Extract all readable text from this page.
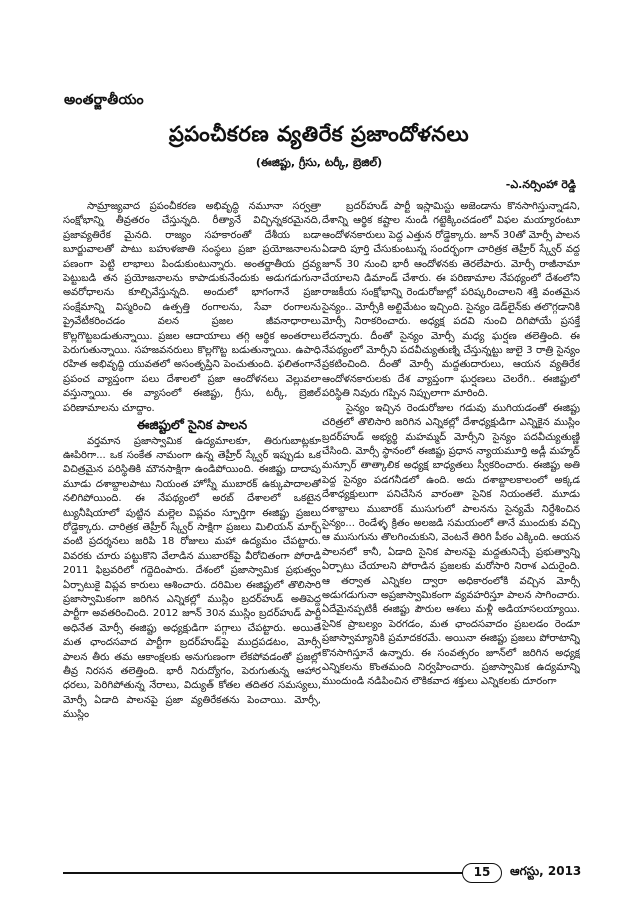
అంతర్జాతీయం
ప్రపంచీకరణ వ్యతిరేక ప్రజాందోళనలు
(ఈజిప్టు, గ్రీసు, టర్కీ, బ్రెజిల్)
-ఎ.నర్సింహా రెడ్డి

సామ్రాజ్యవాద ప్రపంచీకరణ అభివృద్ధి నమూనా సర్వత్రా సంక్షోభాన్ని తీవ్రతరం చేస్తున్నది. రీత్యానే విచ్ఛిన్నకరమైనది, ప్రజావ్యతిరేక మైనది. రాజ్యం సహకారంతో దేశీయ బడా బూర్జువాలతో పాటు బహుళజాతి సంస్థలు ప్రజా ప్రయోజనాలను పణంగా పెట్టి లాభాలు పిండుకుంటున్నారు. అంతర్జాతీయ ద్రవ్య పెట్టుబడి తన ప్రయోజనాలను కాపాడుకునేందుకు అడుగడుగునా అవరోధాలను కూల్చివేస్తున్నది. అందులో భాగంగానే ప్రజా సంక్షేమాన్ని విస్మరించి ఉత్పత్తి రంగాలను, సేవా రంగాలను ప్రైవేటీకరించడం వలన ప్రజల జీవనాధారాలు కొల్లగొట్టబడుతున్నాయి. ప్రజల ఆదాయాలు తగ్గి ఆర్థిక అంతరాలు పెరుగుతున్నాయి. సహజవనరులు కొల్లగొట్ట బడుతున్నాయి. ఉపాధి రహిత అభివృద్ధి యువతలో అసంతృప్తిని పెంచుతుంది. ఫలితంగానే ప్రపంచ వ్యాప్తంగా పలు దేశాలలో ప్రజా ఆందోళనలు వెల్లువలా వస్తున్నాయి. ఈ వ్యాసంలో ఈజిప్టు, గ్రీసు, టర్కీ, బ్రెజిల్ పరిణామాలను చూద్దాం.

ఈజిప్టులో సైనిక పాలన

వర్తమాన ప్రజాస్వామిక ఉద్యమాలకూ, తిరుగుబాట్లకూ ఊపిరిగా... ఒక సంకేత నామంగా ఉన్న తెహ్రీర్ స్క్వేర్ ఇప్పుడు ఒక విచిత్రమైన పరిస్థితికి మౌనసాక్షిగా ఉండిపోయింది. ఈజిప్టు దాదాపు మూడు దశాబ్దాలపాటు నియంత హోస్నీ ముబారక్ ఉక్కుపాదాలతో నలిగిపోయింది. ఈ నేపథ్యంలో అరబ్ దేశాలలో ఒకటైన ట్యునీషియాలో పుట్టిన మల్లెల విప్లవం స్ఫూర్తిగా ఈజిప్టు ప్రజలు రోడ్డెక్కారు. చారిత్రక తెహ్రీర్ స్క్వేర్ సాక్షిగా ప్రజలు మిలియన్ మార్చ్ వంటి ప్రదర్శనలు జరిపి 18 రోజులు మహా ఉద్యమం చేపట్టారు. వివరకు చూరు పట్టుకొని వేలాడిన ముబారక్‌పై వీరోచితంగా పోరాడి 2011 ఫిబ్రవరిలో గద్దెదింపారు. దేశంలో ప్రజాస్వామిక ప్రభుత్వం ఏర్పాటుకై విప్లవ కారులు ఆశించారు. దరిమిల ఈజిప్టులో తొలిసారి ప్రజాస్వామికంగా జరిగిన ఎన్నికల్లో ముస్లిం బ్రదర్‌హుడ్ అతిపెద్ద పార్టీగా అవతరించింది. 2012 జూన్ 30న ముస్లిం బ్రదర్‌హుడ్ పార్టీ అధినేత మోర్సీ ఈజిప్టు అధ్యక్షుడిగా పగ్గాలు చేపట్టారు. అయితే మత ఛాందసవాద పార్టీగా బ్రదర్‌హుడ్‌పై ముద్రపడటం, మోర్సీ పాలన తీరు తమ ఆకాంక్షలకు అనుగుణంగా లేకపోవడంతో ప్రజల్లో తీవ్ర నిరసన తలెత్తింది. భారీ నిరుద్యోగం, పెరుగుతున్న ఆహార ధరలు, పెరిగిపోతున్న నేరాలు, విద్యుత్ కోతల తదితర సమస్యలు, మోర్సీ ఏడాది పాలనపై ప్రజా వ్యతిరేకతను పెంచాయి. మోర్సీ, ముస్లిం

బ్రదర్‌హుడ్ పార్టీ ఇస్లామిస్టు అజెండాను కొనసాగిస్తున్నాడని, దేశాన్ని ఆర్థిక కష్టాల నుండి గట్టెక్కించడంలో విఫల మయ్యారంటూ ఆందోళనకారులు పెద్ద ఎత్తున రోడ్డెక్కారు. జూన్ 30తో మోర్సీ పాలన ఏడాది పూర్తి చేసుకుంటున్న సందర్భంగా చారిత్రక తెహ్రీర్ స్క్వేర్ వద్ద జూన్ 30 నుంచి భారీ ఆందోళనకు తెరలేపారు. మోర్సీ రాజీనామా చేయాలని డిమాండ్ చేశారు. ఈ పరిణామాల నేపథ్యంలో దేశంలోని రాజకీయ సంక్షోభాన్ని రెండురోజుల్లో పరిష్కరించాలని శక్తి వంతమైన సైన్యం.. మోర్సీకి అల్టిమేటం ఇచ్చింది. సైన్యం డెడ్‌లైన్‌కు తలొగ్గడానికి మోర్సీ నిరాకరించారు. అధ్యక్ష పదవి నుంచి దిగిపోయే ప్రసక్తే లేదన్నారు. దీంతో సైన్యం మోర్సీ మధ్య ఘర్షణ తలెత్తింది. ఈ నేపథ్యంలో మోర్సీని పదవీచ్యుతుణ్ని చేస్తున్నట్టు జులై 3 రాత్రి సైన్యం ప్రకటించింది. దీంతో మోర్సీ మద్దతుదారులు, ఆయన వ్యతిరేక ఆందోళనకారులకు దేశ వ్యాప్తంగా ఘర్షణలు చెలరేగి.. ఈజిప్టులో పరిస్థితి నివురు గప్పిన నిప్పులాగా మారింది.

సైన్యం ఇచ్చిన రెండురోజుల గడువు ముగియడంతో ఈజిప్టు చరిత్రలో తొలిసారి జరిగిన ఎన్నికల్లో దేశాధ్యక్షుడిగా ఎన్నికైన ముస్లిం బ్రదర్‌హుడ్ అభ్యర్థి మహమ్మద్ మోర్సీని సైన్యం పదవీచ్యుతుణ్ణి చేసింది. మోర్సీ స్థానంలో ఈజిప్టు ప్రధాన న్యాయమూర్తి అడ్లీ మహ్మద్ మన్సూర్ తాత్కాలిక అధ్యక్ష బాధ్యతలు స్వీకరించారు. ఈజిప్టు అతి పెద్ద సైన్యం పడగనీడలో ఉంది. అదు దశాబ్దాలకాలంలో అక్కడ దేశాధ్యక్షులుగా పనిచేసిన వారంతా సైనిక నియంతలే. మూడు దశాబ్దాలు ముబారక్ ముసుగులో పాలనను సైన్యమే నిర్దేశించిన సైన్యం... రెండేళ్ళ క్రితం అలజడి సమయంలో తానే ముందుకు వచ్చి ఆ ముసుగును తొలగించుకుని, వెంటనే తిరిగి పీఠం ఎక్కింది. ఆయన పాలనలో కానీ, ఏడాది సైనిక పాలనపై మద్దతునిచ్చే ప్రభుత్వాన్ని ఏర్పాటు చేయాలని పోరాడిన ప్రజలకు మరోసారి నిరాశ ఎదురైంది. ఆ తర్వాత ఎన్నికల ద్వారా అధికారంలోకి వచ్చిన మోర్సీ అడుగడుగునా అప్రజాస్వామికంగా వ్యవహరిస్తూ పాలన సాగించారు. ఏదేమైనప్పటికీ ఈజిప్టు పౌరుల ఆశలు మళ్లీ అడియాసలయ్యాయి. సైనిక ప్రాబల్యం పెరగడం, మత ఛాందసవాదం ప్రబలడం రెండూ ప్రజాస్వామ్యానికి ప్రమాదకరమే. అయినా ఈజిప్టు ప్రజలు పోరాటాన్ని కొనసాగిస్తూనే ఉన్నారు. ఈ సంవత్సరం జూన్‌లో జరిగిన అధ్యక్ష ఎన్నికలను కొంతమంది నిర్వహించారు. ప్రజాస్వామిక ఉద్యమాన్ని ముందుండి నడిపించిన లౌకికవాద శక్తులు ఎన్నికలకు దూరంగా

15	ఆగస్టు, 2013
